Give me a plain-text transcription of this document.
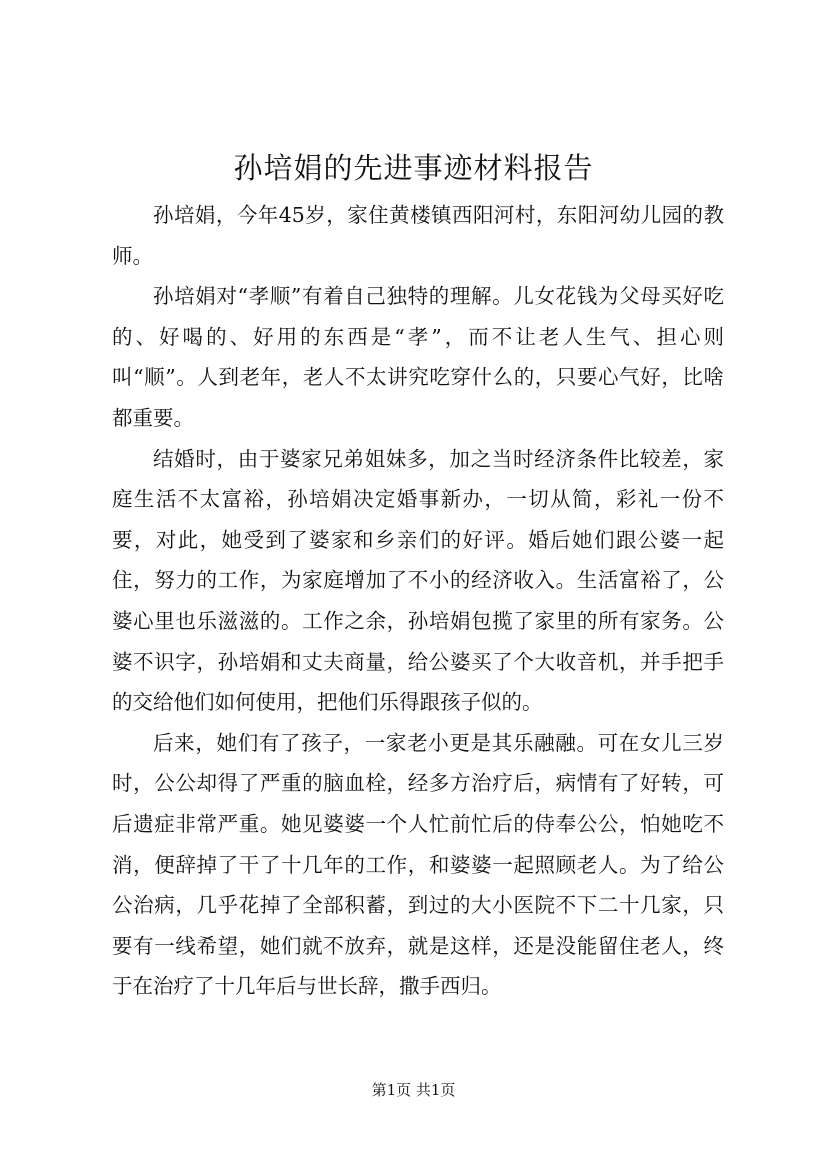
孙培娟的先进事迹材料报告

孙培娟，今年45岁，家住黄楼镇西阳河村，东阳河幼儿园的教师。

孙培娟对“孝顺”有着自己独特的理解。儿女花钱为父母买好吃的、好喝的、好用的东西是“孝”，而不让老人生气、担心则叫“顺”。人到老年，老人不太讲究吃穿什么的，只要心气好，比啥都重要。

结婚时，由于婆家兄弟姐妹多，加之当时经济条件比较差，家庭生活不太富裕，孙培娟决定婚事新办，一切从简，彩礼一份不要，对此，她受到了婆家和乡亲们的好评。婚后她们跟公婆一起住，努力的工作，为家庭增加了不小的经济收入。生活富裕了，公婆心里也乐滋滋的。工作之余，孙培娟包揽了家里的所有家务。公婆不识字，孙培娟和丈夫商量，给公婆买了个大收音机，并手把手的交给他们如何使用，把他们乐得跟孩子似的。

后来，她们有了孩子，一家老小更是其乐融融。可在女儿三岁时，公公却得了严重的脑血栓，经多方治疗后，病情有了好转，可后遗症非常严重。她见婆婆一个人忙前忙后的侍奉公公，怕她吃不消，便辞掉了干了十几年的工作，和婆婆一起照顾老人。为了给公公治病，几乎花掉了全部积蓄，到过的大小医院不下二十几家，只要有一线希望，她们就不放弃，就是这样，还是没能留住老人，终于在治疗了十几年后与世长辞，撒手西归。

第1页 共1页
